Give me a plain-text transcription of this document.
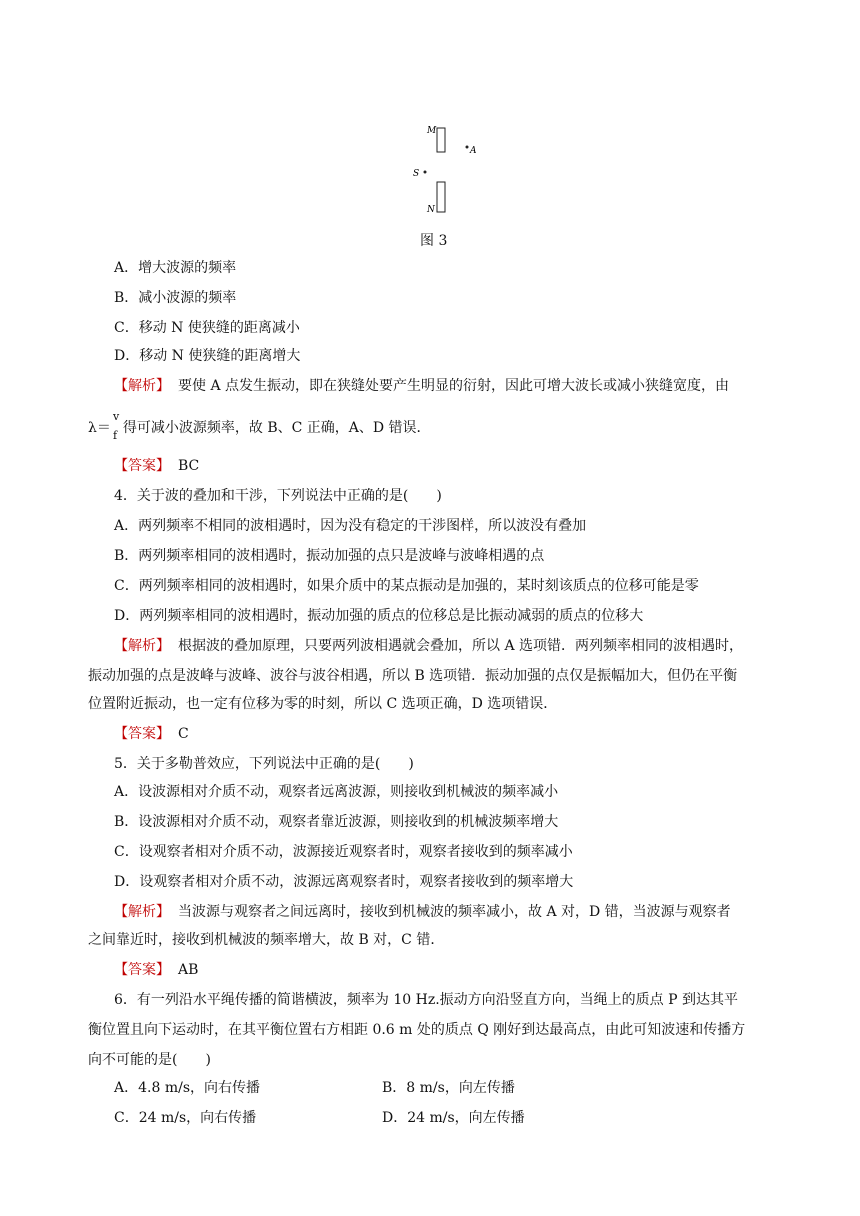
M
A
S
N
图 3
A．增大波源的频率
B．减小波源的频率
C．移动 N 使狭缝的距离减小
D．移动 N 使狭缝的距离增大
【解析】 要使 A 点发生振动，即在狭缝处要产生明显的衍射，因此可增大波长或减小狭缝宽度，由
λ＝ 得可减小波源频率，故 B、C 正确，A、D 错误．
v
f
【答案】 BC
4．关于波的叠加和干涉，下列说法中正确的是(　　)
A．两列频率不相同的波相遇时，因为没有稳定的干涉图样，所以波没有叠加
B．两列频率相同的波相遇时，振动加强的点只是波峰与波峰相遇的点
C．两列频率相同的波相遇时，如果介质中的某点振动是加强的，某时刻该质点的位移可能是零
D．两列频率相同的波相遇时，振动加强的质点的位移总是比振动减弱的质点的位移大
【解析】 根据波的叠加原理，只要两列波相遇就会叠加，所以 A 选项错．两列频率相同的波相遇时，
振动加强的点是波峰与波峰、波谷与波谷相遇，所以 B 选项错．振动加强的点仅是振幅加大，但仍在平衡
位置附近振动，也一定有位移为零的时刻，所以 C 选项正确，D 选项错误．
【答案】 C
5．关于多勒普效应，下列说法中正确的是(　　)
A．设波源相对介质不动，观察者远离波源，则接收到机械波的频率减小
B．设波源相对介质不动，观察者靠近波源，则接收到的机械波频率增大
C．设观察者相对介质不动，波源接近观察者时，观察者接收到的频率减小
D．设观察者相对介质不动，波源远离观察者时，观察者接收到的频率增大
【解析】 当波源与观察者之间远离时，接收到机械波的频率减小，故 A 对，D 错，当波源与观察者
之间靠近时，接收到机械波的频率增大，故 B 对，C 错．
【答案】 AB
6．有一列沿水平绳传播的简谐横波，频率为 10 Hz.振动方向沿竖直方向，当绳上的质点 P 到达其平
衡位置且向下运动时，在其平衡位置右方相距 0.6 m 处的质点 Q 刚好到达最高点，由此可知波速和传播方
向不可能的是(　　)
A．4.8 m/s，向右传播	B．8 m/s，向左传播
C．24 m/s，向右传播	D．24 m/s，向左传播
